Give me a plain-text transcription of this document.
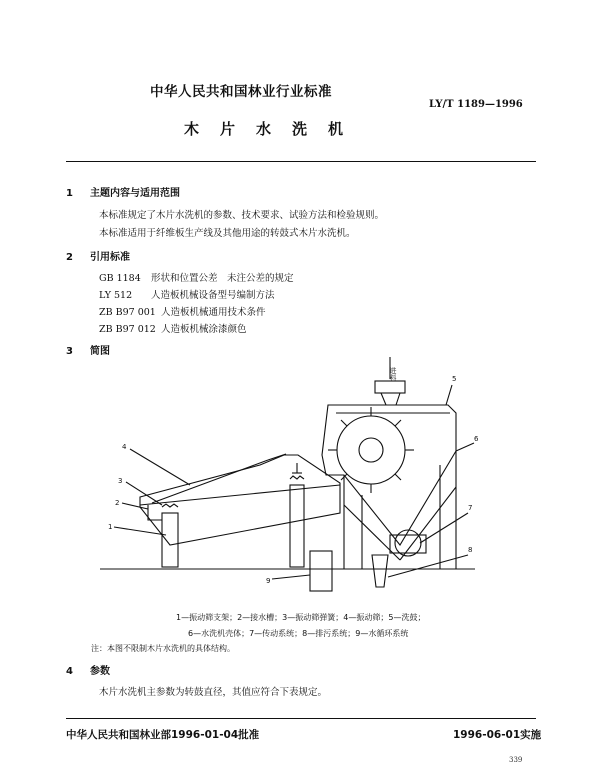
中华人民共和国林业行业标准

LY/T 1189—1996

木片水洗机

1 主题内容与适用范围

本标准规定了木片水洗机的参数、技术要求、试验方法和检验规则。

本标准适用于纤维板生产线及其他用途的转鼓式木片水洗机。

2 引用标准

GB 1184 形状和位置公差　未注公差的规定

LY 512 人造板机械设备型号编制方法

ZB B97 001 人造板机械通用技术条件

ZB B97 012 人造板机械涂漆颜色

3 简图

进料
1
2
3
4
5
6
7
8
9

1—振动筛支架；2—接水槽；3—振动筛弹簧；4—振动筛；5—洗鼓；

6—水洗机壳体；7—传动系统；8—排污系统；9—水循环系统

注：本图不限制木片水洗机的具体结构。

4 参数

木片水洗机主参数为转鼓直径，其值应符合下表规定。

中华人民共和国林业部1996-01-04批准	1996-06-01实施

339
